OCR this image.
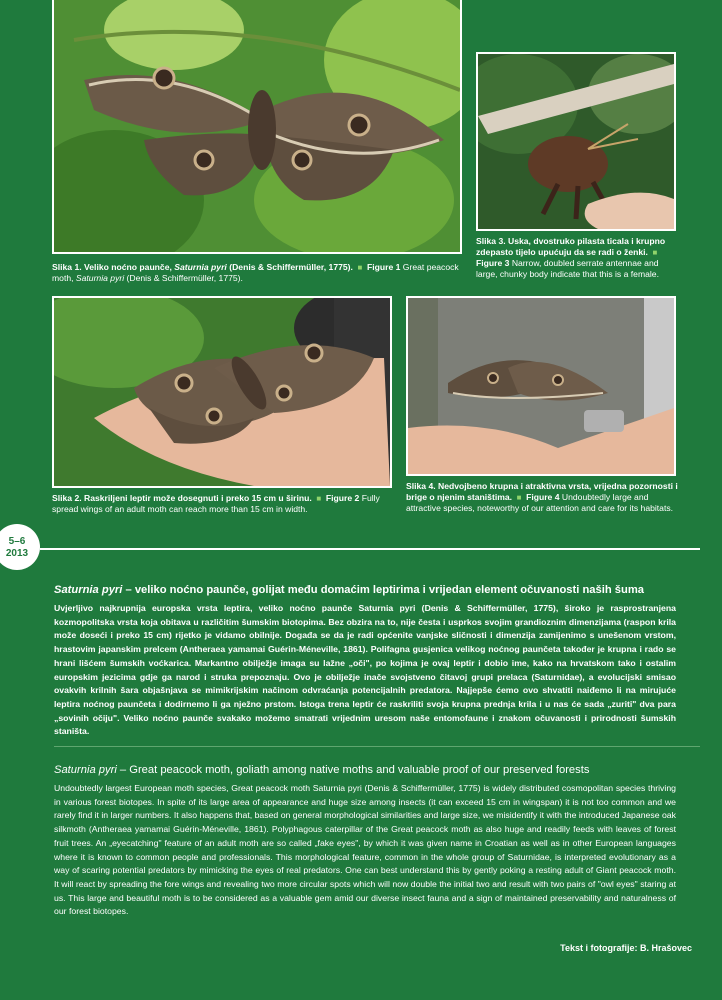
Slika 1. Veliko noćno paunče, Saturnia pyri (Denis & Schiffermüller, 1775).  ■  Figure 1 Great peacock moth, Saturnia pyri (Denis & Schiffermüller, 1775).
Slika 3. Uska, dvostruko pilasta ticala i krupno zdepasto tijelo upućuju da se radi o ženki.  ■  Figure 3 Narrow, doubled serrate antennae and large, chunky body indicate that this is a female.
Slika 2. Raskriljeni leptir može dosegnuti i preko 15 cm u širinu.  ■  Figure 2 Fully spread wings of an adult moth can reach more than 15 cm in width.
Slika 4. Nedvojbeno krupna i atraktivna vrsta, vrijedna pozornosti i brige o njenim staništima.  ■  Figure 4 Undoubtedly large and attractive species, noteworthy of our attention and care for its habitats.
5–6
2013
Saturnia pyri – veliko noćno paunče, golijat među domaćim leptirima i vrijedan element očuvanosti naših šuma
Uvjerljivo najkrupnija europska vrsta leptira, veliko noćno paunče Saturnia pyri (Denis & Schiffermüller, 1775), široko je rasprostranjena kozmopolitska vrsta koja obitava u različitim šumskim biotopima. Bez obzira na to, nije česta i usprkos svojim grandioznim dimenzijama (raspon krila može doseći i preko 15 cm) rijetko je vidamo obilnije. Događa se da je radi općenite vanjske sličnosti i dimenzija zamijenimo s unešenom vrstom, hrastovim japanskim prelcem (Antheraea yamamai Guérin-Méneville, 1861). Polifagna gusjenica velikog noćnog paunčeta također je krupna i rado se hrani lišćem šumskih voćkarica. Markantno obilježje imaga su lažne „oči", po kojima je ovaj leptir i dobio ime, kako na hrvatskom tako i ostalim europskim jezicima gdje ga narod i struka prepoznaju. Ovo je obilježje inače svojstveno čitavoj grupi prelaca (Saturnidae), a evolucijski smisao ovakvih krilnih šara objašnjava se mimikrijskim načinom odvraćanja potencijalnih predatora. Najjepše ćemo ovo shvatiti naiđemo li na mirujuće leptira noćnog paunčeta i dodirnemo li ga nježno prstom. Istoga trena leptir će raskriliti svoja krupna prednja krila i u nas će sada „zuriti" dva para „sovinih očiju". Veliko noćno paunče svakako možemo smatrati vrijednim uresom naše entomofaune i znakom očuvanosti i prirodnosti šumskih staništa.
Saturnia pyri – Great peacock moth, goliath among native moths and valuable proof of our preserved forests
Undoubtedly largest European moth species, Great peacock moth Saturnia pyri (Denis & Schiffermüller, 1775) is widely distributed cosmopolitan species thriving in various forest biotopes. In spite of its large area of appearance and huge size among insects (it can exceed 15 cm in wingspan) it is not too common and we rarely find it in larger numbers. It also happens that, based on general morphological similarities and large size, we misidentify it with the introduced Japanese oak silkmoth (Antheraea yamamai Guérin-Méneville, 1861). Polyphagous caterpillar of the Great peacock moth as also huge and readily feeds with leaves of forest fruit trees. An „eyecatching" feature of an adult moth are so called „fake eyes", by which it was given name in Croatian as well as in other European languages where it is known to common people and professionals. This morphological feature, common in the whole group of Saturnidae, is interpreted evolutionary as a way of scaring potential predators by mimicking the eyes of real predators. One can best understand this by gently poking a resting adult of Giant peacock moth. It will react by spreading the fore wings and revealing two more circular spots which will now double the initial two and result with two pairs of "owl eyes" staring at us. This large and beautiful moth is to be considered as a valuable gem amid our diverse insect fauna and a sign of maintained preservability and naturalness of our forest biotopes.
Tekst i fotografije: B. Hrašovec
